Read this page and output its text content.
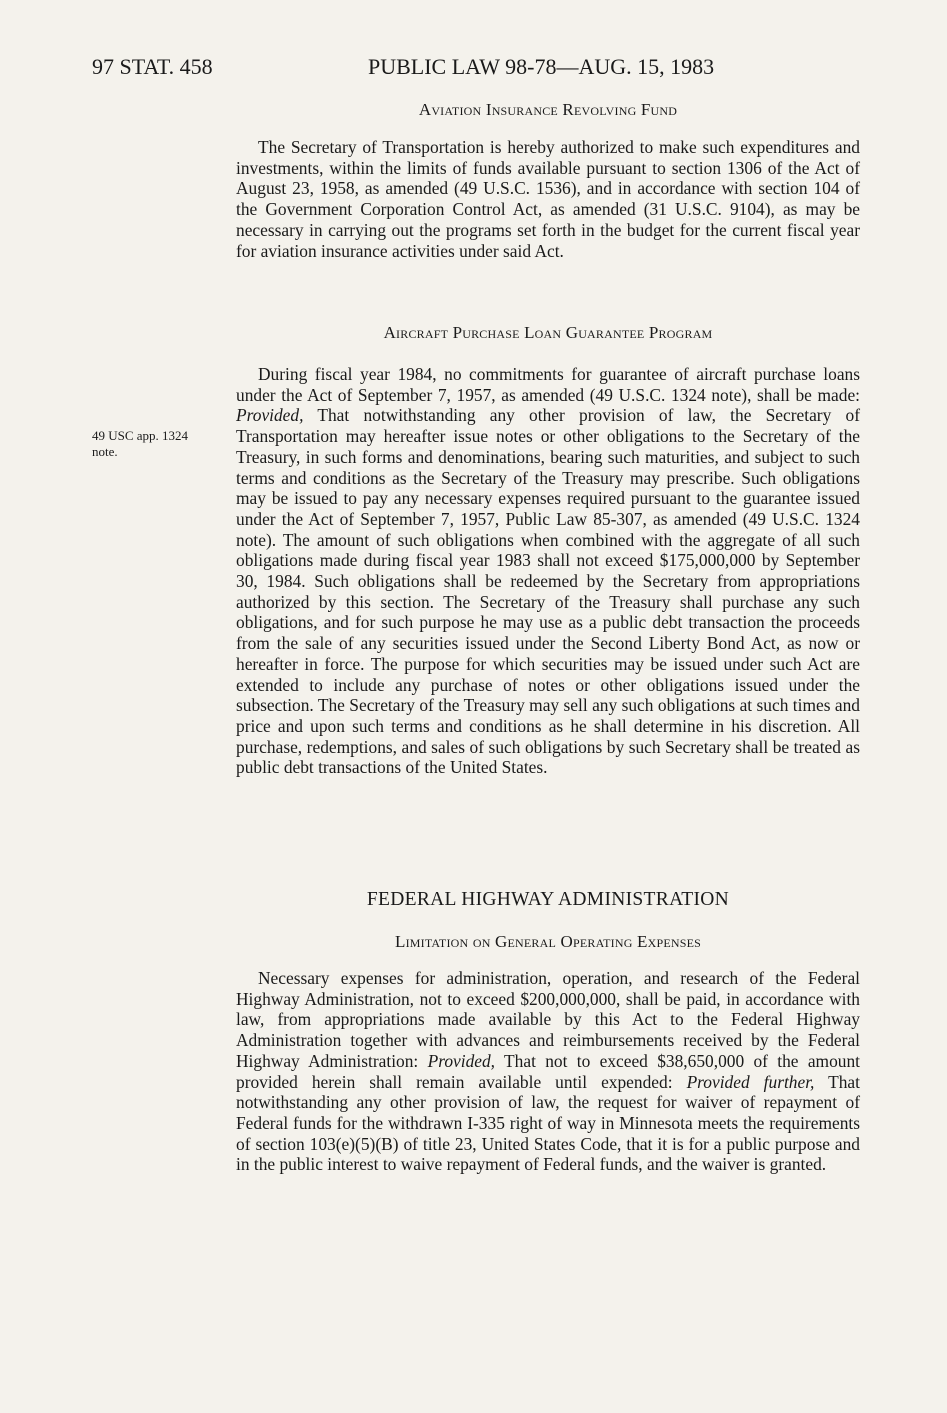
97 STAT. 458	PUBLIC LAW 98-78—AUG. 15, 1983
Aviation Insurance Revolving Fund

The Secretary of Transportation is hereby authorized to make such expenditures and investments, within the limits of funds available pursuant to section 1306 of the Act of August 23, 1958, as amended (49 U.S.C. 1536), and in accordance with section 104 of the Government Corporation Control Act, as amended (31 U.S.C. 9104), as may be necessary in carrying out the programs set forth in the budget for the current fiscal year for aviation insurance activities under said Act.

Aircraft Purchase Loan Guarantee Program
49 USC app. 1324
note.

During fiscal year 1984, no commitments for guarantee of aircraft purchase loans under the Act of September 7, 1957, as amended (49 U.S.C. 1324 note), shall be made: Provided, That notwithstanding any other provision of law, the Secretary of Transportation may hereafter issue notes or other obligations to the Secretary of the Treasury, in such forms and denominations, bearing such maturities, and subject to such terms and conditions as the Secretary of the Treasury may prescribe. Such obligations may be issued to pay any necessary expenses required pursuant to the guarantee issued under the Act of September 7, 1957, Public Law 85-307, as amended (49 U.S.C. 1324 note). The amount of such obligations when combined with the aggregate of all such obligations made during fiscal year 1983 shall not exceed $175,000,000 by September 30, 1984. Such obligations shall be redeemed by the Secretary from appropriations authorized by this section. The Secretary of the Treasury shall purchase any such obligations, and for such purpose he may use as a public debt transaction the proceeds from the sale of any securities issued under the Second Liberty Bond Act, as now or hereafter in force. The purpose for which securities may be issued under such Act are extended to include any purchase of notes or other obligations issued under the subsection. The Secretary of the Treasury may sell any such obligations at such times and price and upon such terms and conditions as he shall determine in his discretion. All purchase, redemptions, and sales of such obligations by such Secretary shall be treated as public debt transactions of the United States.

FEDERAL HIGHWAY ADMINISTRATION
Limitation on General Operating Expenses

Necessary expenses for administration, operation, and research of the Federal Highway Administration, not to exceed $200,000,000, shall be paid, in accordance with law, from appropriations made available by this Act to the Federal Highway Administration together with advances and reimbursements received by the Federal Highway Administration: Provided, That not to exceed $38,650,000 of the amount provided herein shall remain available until expended: Provided further, That notwithstanding any other provision of law, the request for waiver of repayment of Federal funds for the withdrawn I-335 right of way in Minnesota meets the requirements of section 103(e)(5)(B) of title 23, United States Code, that it is for a public purpose and in the public interest to waive repayment of Federal funds, and the waiver is granted.
